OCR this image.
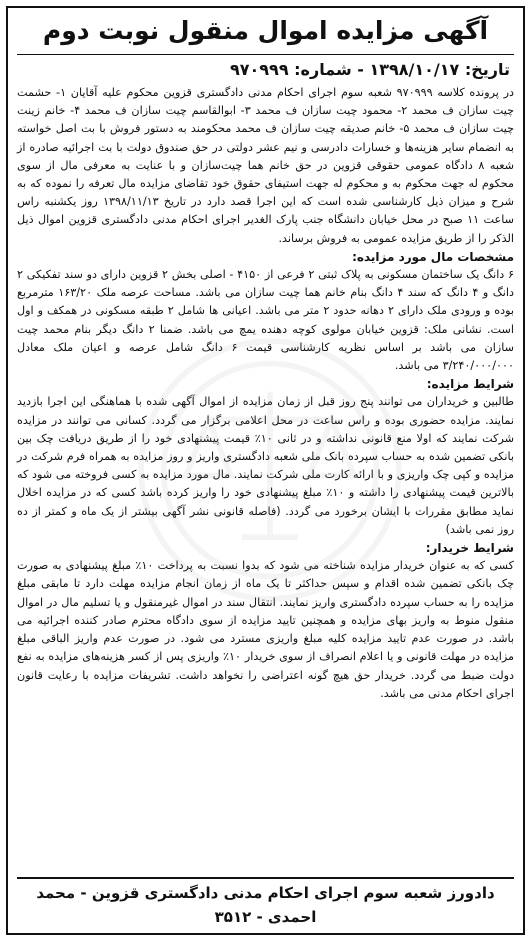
آگهی مزایده اموال منقول نوبت دوم
تاریخ: ۱۳۹۸/۱۰/۱۷ - شماره: ۹۷۰۹۹۹

در پرونده کلاسه ۹۷۰۹۹۹ شعبه سوم اجرای احکام مدنی دادگستری قزوین محکوم علیه آقایان ۱- حشمت چیت سازان ف محمد ۲- محمود چیت سازان ف محمد ۳- ابوالقاسم چیت سازان ف محمد ۴- خانم زینت چیت سازان ف محمد ۵- خانم صدیقه چیت سازان ف محمد محکومند به دستور فروش با بت اصل خواسته به انضمام سایر هزینه‌ها و خسارات دادرسی و نیم عشر دولتی در حق صندوق دولت با بت اجرائیه صادره از شعبه ۸ دادگاه عمومی حقوقی قزوین در حق خانم هما چیت‌سازان و با عنایت به معرفی مال از سوی محکوم له جهت محکوم به و محکوم له جهت استیفای حقوق خود تقاضای مزایده مال تعرفه را نموده که به شرح و میزان ذیل کارشناسی شده است که این اجرا قصد دارد در تاریخ ۱۳۹۸/۱۱/۱۳ روز یکشنبه راس ساعت ۱۱ صبح در محل خیابان دانشگاه جنب پارک الغدیر اجرای احکام مدنی دادگستری قزوین اموال ذیل الذکر را از طریق مزایده عمومی به فروش برساند.

مشخصات مال مورد مزایده:

۶ دانگ یک ساختمان مسکونی به پلاک ثبتی ۲ فرعی از ۴۱۵۰ - اصلی بخش ۲ قزوین دارای دو سند تفکیکی ۲ دانگ و ۴ دانگ که سند ۴ دانگ بنام خانم هما چیت سازان می باشد. مساحت عرصه ملک ۱۶۳/۲۰ مترمربع بوده و ورودی ملک دارای ۲ دهانه حدود ۲ متر می باشد. اعیانی ها شامل ۲ طبقه مسکونی در همکف و اول است. نشانی ملک: قزوین خیابان مولوی کوچه دهنده یمچ می باشد. ضمنا ۲ دانگ دیگر بنام محمد چیت سازان می باشد بر اساس نظریه کارشناسی قیمت ۶ دانگ شامل عرصه و اعیان ملک معادل ۳/۲۴۰/۰۰۰/۰۰۰ می باشد.

شرایط مزایده:

طالبین و خریداران می توانند پنج روز قبل از زمان مزایده از اموال آگهی شده با هماهنگی این اجرا بازدید نمایند. مزایده حضوری بوده و راس ساعت در محل اعلامی برگزار می گردد. کسانی می توانند در مزایده شرکت نمایند که اولا منع قانونی نداشته و در ثانی ۱۰٪ قیمت پیشنهادی خود را از طریق دریافت چک بین بانکی تضمین شده به حساب سپرده بانک ملی شعبه دادگستری واریز و روز مزایده به همراه فرم شرکت در مزایده و کپی چک واریزی و با ارائه کارت ملی شرکت نمایند. مال مورد مزایده به کسی فروخته می شود که بالاترین قیمت پیشنهادی را داشته و ۱۰٪ مبلغ پیشنهادی خود را واریز کرده باشد کسی که در مزایده اخلال نماید مطابق مقررات با ایشان برخورد می گردد. (فاصله قانونی نشر آگهی بیشتر از یک ماه و کمتر از ده روز نمی باشد)

شرایط خریدار:

کسی که به عنوان خریدار مزایده شناخته می شود که بدوا نسبت به پرداخت ۱۰٪ مبلغ پیشنهادی به صورت چک بانکی تضمین شده اقدام و سپس حداکثر تا یک ماه از زمان انجام مزایده مهلت دارد تا مابقی مبلغ مزایده را به حساب سپرده دادگستری واریز نمایند. انتقال سند در اموال غیرمنقول و یا تسلیم مال در اموال منقول منوط به واریز بهای مزایده و همچنین تایید مزایده از سوی دادگاه محترم صادر کننده اجرائیه می باشد. در صورت عدم تایید مزایده کلیه مبلغ واریزی مسترد می شود. در صورت عدم واریز الباقی مبلغ مزایده در مهلت قانونی و یا اعلام انصراف از سوی خریدار ۱۰٪ واریزی پس از کسر هزینه‌های مزایده به نفع دولت ضبط می گردد. خریدار حق هیچ گونه اعتراضی را نخواهد داشت. تشریفات مزایده با رعایت قانون اجرای احکام مدنی می باشد.

دادورز شعبه سوم اجرای احکام مدنی دادگستری قزوین - محمد احمدی - ۳۵۱۲
